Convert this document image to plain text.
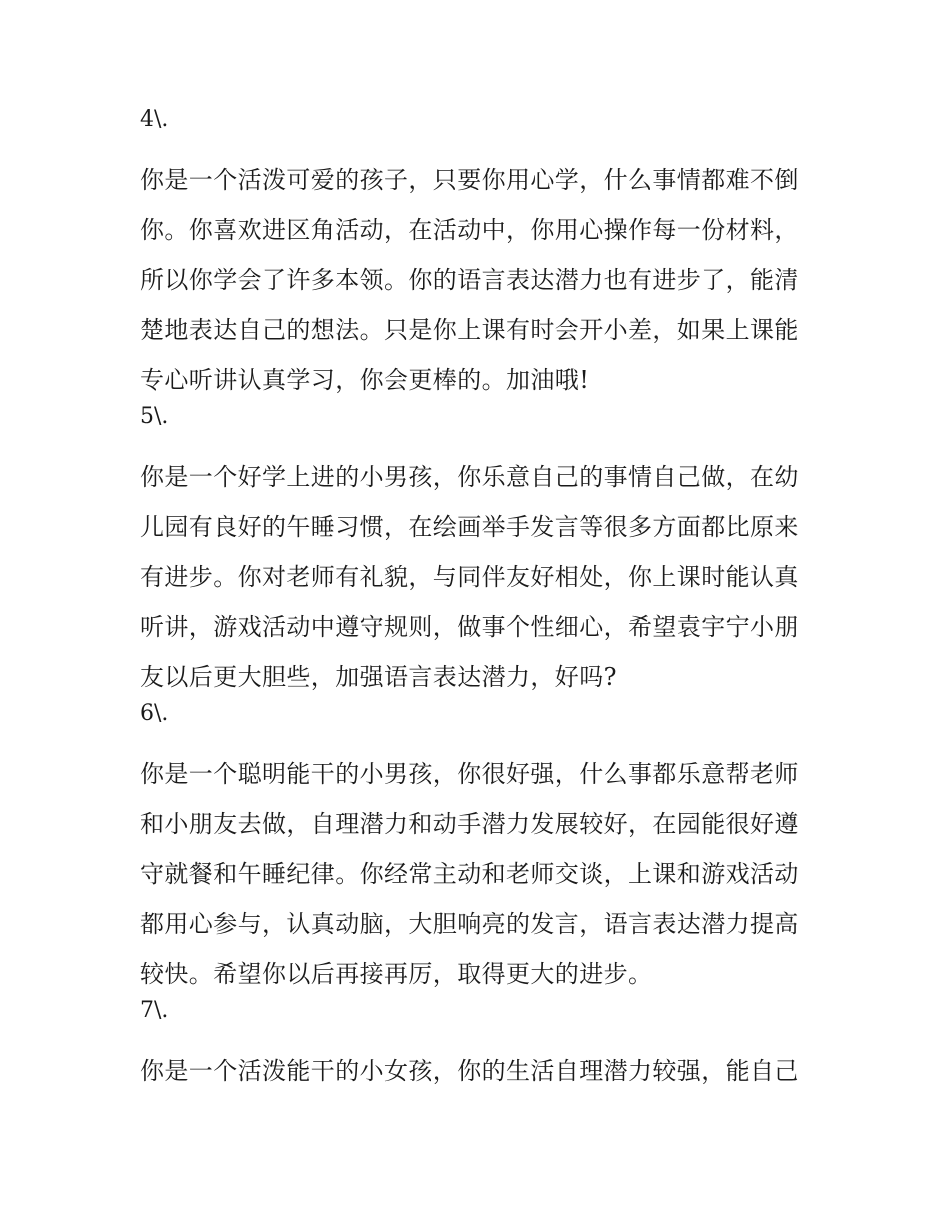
4\.
你是一个活泼可爱的孩子，只要你用心学，什么事情都难不倒
你。你喜欢进区角活动，在活动中，你用心操作每一份材料，
所以你学会了许多本领。你的语言表达潜力也有进步了，能清
楚地表达自己的想法。只是你上课有时会开小差，如果上课能
专心听讲认真学习，你会更棒的。加油哦!
5\.
你是一个好学上进的小男孩，你乐意自己的事情自己做，在幼
儿园有良好的午睡习惯，在绘画举手发言等很多方面都比原来
有进步。你对老师有礼貌，与同伴友好相处，你上课时能认真
听讲，游戏活动中遵守规则，做事个性细心，希望袁宇宁小朋
友以后更大胆些，加强语言表达潜力，好吗?
6\.
你是一个聪明能干的小男孩，你很好强，什么事都乐意帮老师
和小朋友去做，自理潜力和动手潜力发展较好，在园能很好遵
守就餐和午睡纪律。你经常主动和老师交谈，上课和游戏活动
都用心参与，认真动脑，大胆响亮的发言，语言表达潜力提高
较快。希望你以后再接再厉，取得更大的进步。
7\.
你是一个活泼能干的小女孩，你的生活自理潜力较强，能自己
